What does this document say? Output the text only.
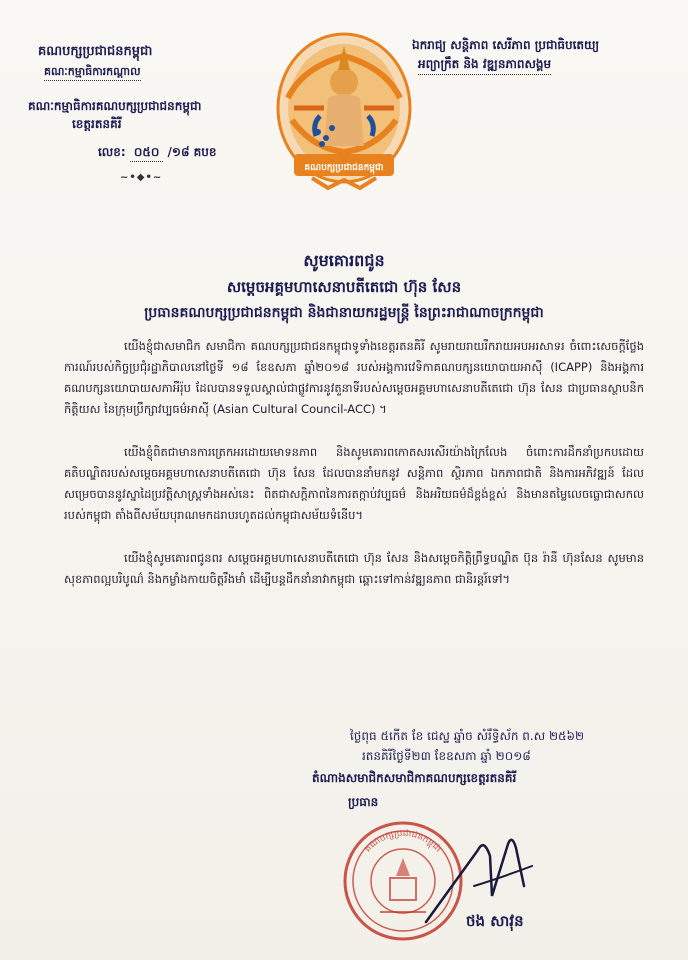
គណបក្សប្រជាជនកម្ពុជា
គណៈកម្មាធិការកណ្តាល
គណៈកម្មាធិការគណបក្សប្រជាជនកម្ពុជា
ខេត្តរតនគិរី
លេខ: ០៥០ /១៨ គបខ
~•◆•~
គណបក្សប្រជាជនកម្ពុជា
ឯករាជ្យ សន្តិភាព សេរីភាព ប្រជាធិបតេយ្យ
អព្យាក្រឹត និង វឌ្ឍនភាពសង្គម
សូមគោរពជូន
សម្តេចអគ្គមហាសេនាបតីតេជោ ហ៊ុន សែន
ប្រធានគណបក្សប្រជាជនកម្ពុជា និងជានាយករដ្ឋមន្ត្រី នៃព្រះរាជាណាចក្រកម្ពុជា

យើងខ្ញុំជាសមាជិក សមាជិកា គណបក្សប្រជាជនកម្ពុជាទូទាំងខេត្តរតនគិរី សូមរាយរាយរីករាយអបអរសាទរ ចំពោះសេចក្តីថ្លែងការណ៍របស់កិច្ចប្រជុំរដ្ឋាភិបាលនៅថ្ងៃទី ១៨ ខែឧសភា ឆ្នាំ២០១៨ របស់អង្គការវេទិកាគណបក្សនយោបាយអាស៊ី (ICAPP) និងអង្គការគណបក្សនយោបាយសភាអឺរ៉ុប ដែលបានទទួលស្គាល់ជាផ្លូវការនូវតួនាទីរបស់សម្តេចអគ្គមហាសេនាបតីតេជោ ហ៊ុន សែន ជាប្រធានស្ថាបនិកកិត្តិយស នៃក្រុមប្រឹក្សាវប្បធម៌អាស៊ី (Asian Cultural Council-ACC) ។

យើងខ្ញុំពិតជាមានការត្រេកអរដោយមោទនភាព និងសូមគោរពកោតសរសើរយ៉ាងក្រៃលែង ចំពោះការដឹកនាំប្រកបដោយគតិបណ្ឌិតរបស់សម្តេចអគ្គមហាសេនាបតីតេជោ ហ៊ុន សែន ដែលបាននាំមកនូវ សន្តិភាព ស្ថិរភាព ឯកភាពជាតិ និងការអភិវឌ្ឍន៍ ដែលសម្រេចបាននូវស្នាដៃប្រវត្តិសាស្ត្រទាំងអស់នេះ ពិតជាសក្តិភាពនៃការតក្កាប់វប្បធម៌ និងអរិយធម៌ដ៏ខ្ពង់ខ្ពស់ និងមានតម្លៃលេចធ្លោជាសកលរបស់កម្ពុជា តាំងពីសម័យបុរាណមកដរាបរហូតដល់កម្ពុជាសម័យទំនើប។

យើងខ្ញុំសូមគោរពជូនពរ សម្តេចអគ្គមហាសេនាបតីតេជោ ហ៊ុន សែន និងសម្តេចកិត្តិព្រឹទ្ធបណ្ឌិត ប៊ុន រ៉ានី ហ៊ុនសែន សូមមានសុខភាពល្អបរិបូណ៌ និងកម្លាំងកាយចិត្តរឹងមាំ ដើម្បីបន្តដឹកនាំនាវាកម្ពុជា ឆ្ពោះទៅកាន់វឌ្ឍនភាព ជានិរន្តរ៍ទៅ។

ថ្ងៃពុធ ៥កើត ខែ ជេស្ឋ ឆ្នាំច សំរឹទ្ធិស័ក ព.ស ២៥៦២
រតនគិរីថ្ងៃទី២៣ ខែឧសភា ឆ្នាំ ២០១៨
តំណាងសមាជិកសមាជិកាគណបក្សខេត្តរតនគិរី
ប្រធាន
គណបក្សប្រជាជនកម្ពុជា
ថង សាវុន
